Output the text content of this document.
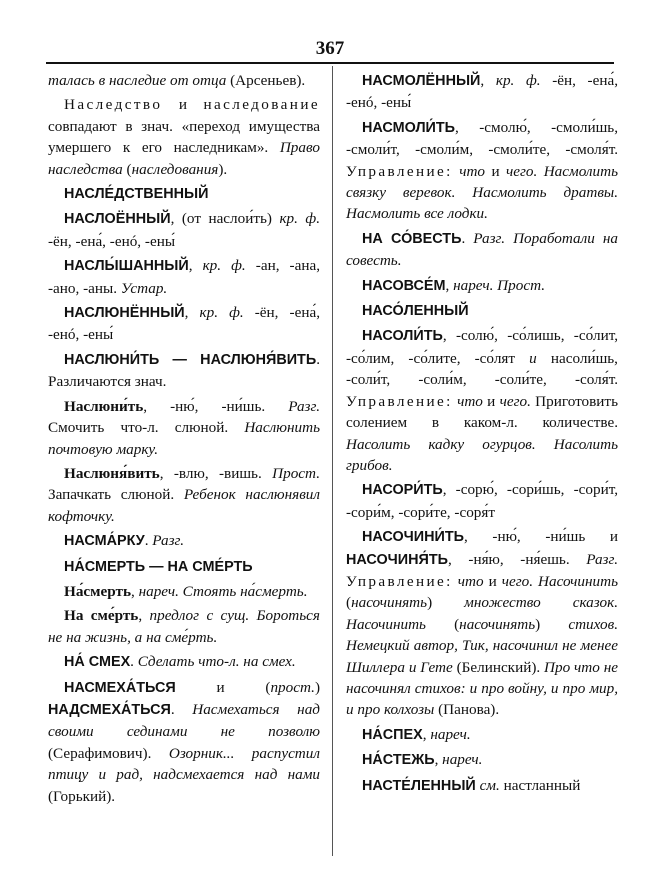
367

талась в наследие от отца (Арсеньев).

Наследство и наследование совпадают в знач. «переход имущества умершего к его наследникам». Право наследства (наследования).

НАСЛЕ́ДСТВЕННЫЙ

НАСЛОЁННЫЙ, (от наслои́ть) кр. ф. -ён, -ена́, -енó, -ены́

НАСЛЫ́ШАННЫЙ, кр. ф. -ан, -ана, -ано, -аны. Устар.

НАСЛЮНЁННЫЙ, кр. ф. -ён, -ена́, -енó, -ены́

НАСЛЮНИ́ТЬ — НАСЛЮНЯ́ВИТЬ. Различаются знач.

Наслюни́ть, -ню́, -ни́шь. Разг. Смочить что-л. слюной. Наслюнить почтовую марку.

Наслюня́вить, -влю, -вишь. Прост. Запачкать слюной. Ребенок наслюнявил кофточку.

НАСМА́РКУ. Разг.

НА́СМЕРТЬ — НА СМЕ́РТЬ

На́смерть, нареч. Стоять на́смерть.

На сме́рть, предлог с сущ. Бороться не на жизнь, а на сме́рть.

НА́ СМЕХ. Сделать что-л. на смех.

НАСМЕХА́ТЬСЯ и (прост.) НАДСМЕХА́ТЬСЯ. Насмехаться над своими сединами не позволю (Серафимович). Озорник... распустил птицу и рад, надсмехается над нами (Горький).

НАСМОЛЁННЫЙ, кр. ф. -ён, -ена́, -енó, -ены́

НАСМОЛИ́ТЬ, -смолю́, -смоли́шь, -смоли́т, -смоли́м, -смоли́те, -смоля́т. Управление: что и чего. Насмолить связку веревок. Насмолить дратвы. Насмолить все лодки.

НА СО́ВЕСТЬ. Разг. Поработали на совесть.

НАСОВСЕ́М, нареч. Прост.

НАСО́ЛЕННЫЙ

НАСОЛИ́ТЬ, -солю́, -со́лишь, -со́лит, -со́лим, -со́лите, -со́лят и насоли́шь, -соли́т, -соли́м, -соли́те, -соля́т. Управление: что и чего. Приготовить солением в каком-л. количестве. Насолить кадку огурцов. Насолить грибов.

НАСОРИ́ТЬ, -сорю́, -сори́шь, -сори́т, -сори́м, -сори́те, -соря́т

НАСОЧИНИ́ТЬ, -ню́, -ни́шь и НАСОЧИНЯ́ТЬ, -ня́ю, -ня́ешь. Разг. Управление: что и чего. Насочинить (насочинять) множество сказок. Насочинить (насочинять) стихов. Немецкий автор, Тик, насочинил не менее Шиллера и Гете (Белинский). Про что не насочинял стихов: и про войну, и про мир, и про колхозы (Панова).

НА́СПЕХ, нареч.

НА́СТЕЖЬ, нареч.

НАСТЕ́ЛЕННЫЙ см. настланный
